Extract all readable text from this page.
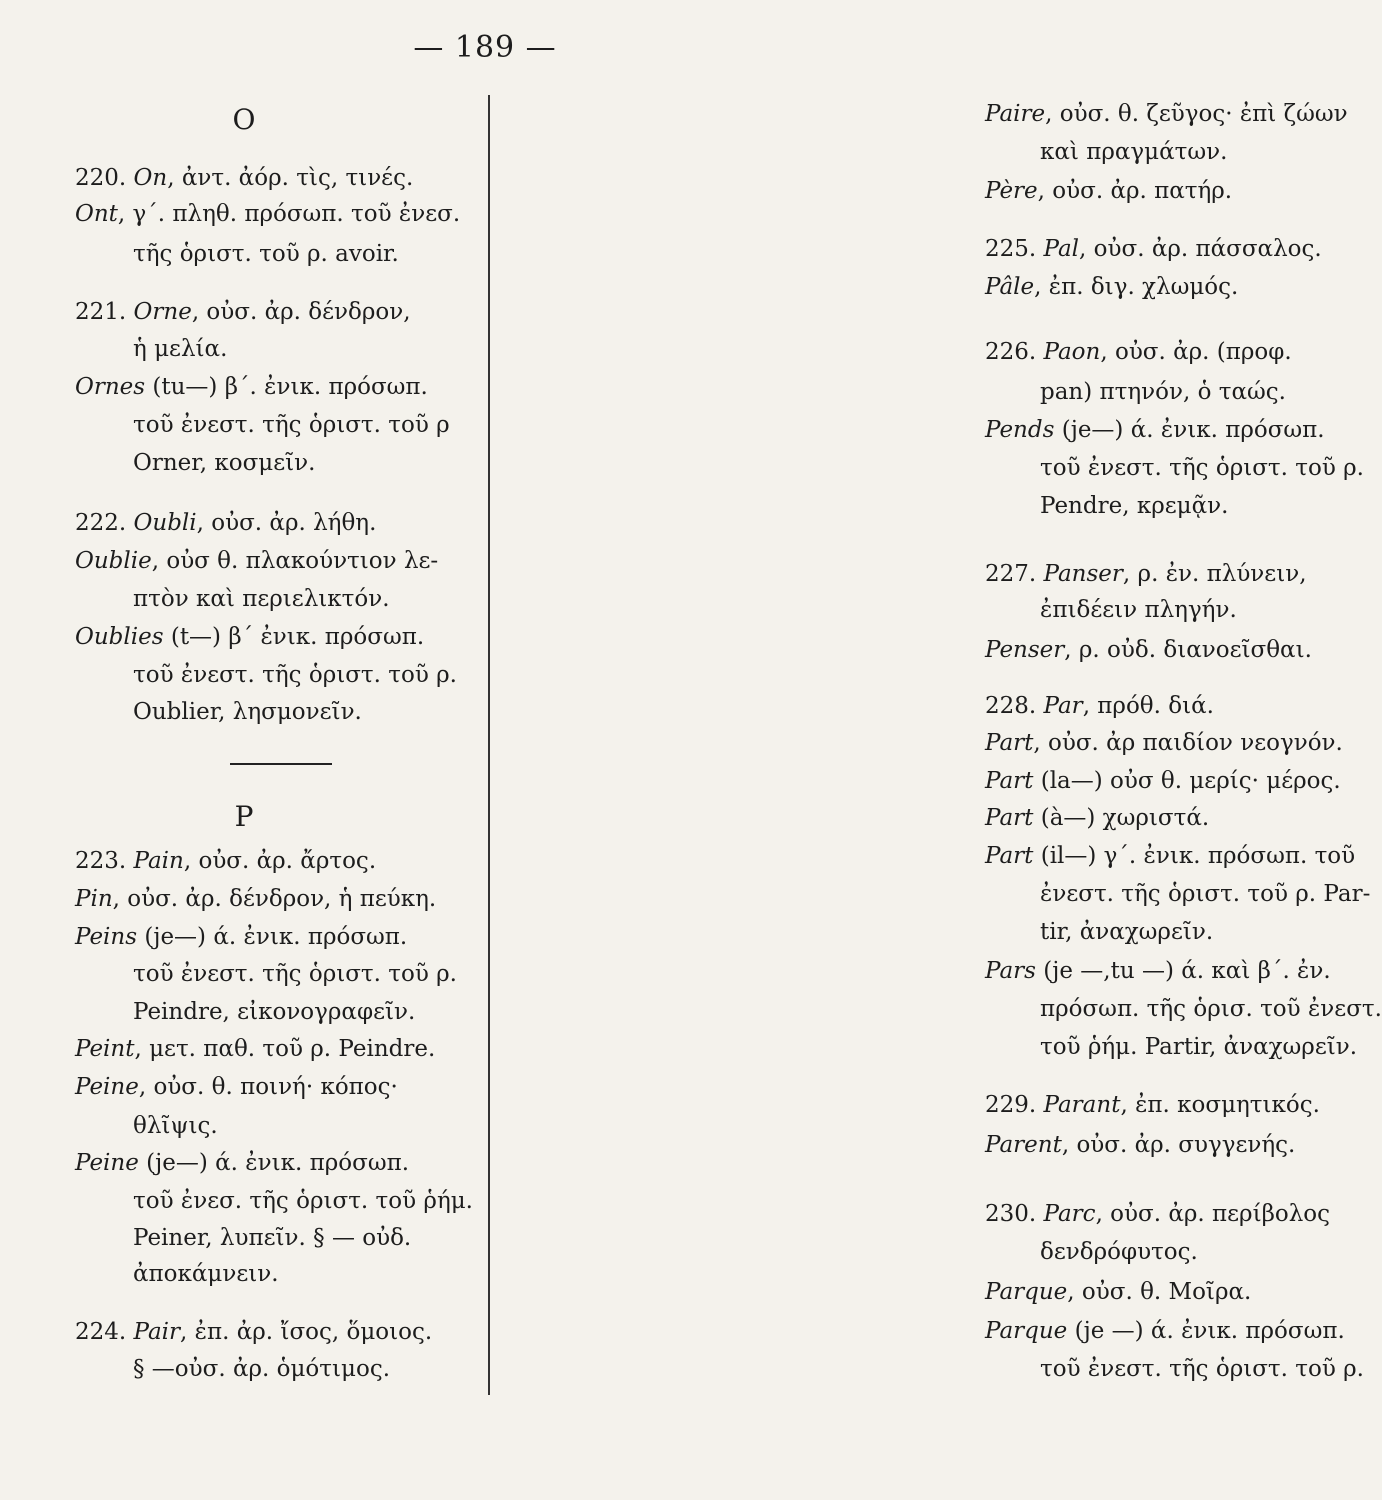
— 189 —
O
P
220. On, ἀντ. ἀόρ. τὶς, τινές.
Ont, γ΄. πληθ. πρόσωπ. τοῦ ἐνεσ.
τῆς ὁριστ. τοῦ ρ. avoir.
221. Orne, οὐσ. ἀρ. δένδρον,
ἡ μελία.
Ornes (tu—) β΄. ἐνικ. πρόσωπ.
τοῦ ἐνεστ. τῆς ὁριστ. τοῦ ρ
Orner, κοσμεῖν.
222. Oubli, οὐσ. ἀρ. λήθη.
Oublie, οὐσ θ. πλακούντιον λε-
πτὸν καὶ περιελικτόν.
Oublies (t—) β΄ ἐνικ. πρόσωπ.
τοῦ ἐνεστ. τῆς ὁριστ. τοῦ ρ.
Oublier, λησμονεῖν.
223. Pain, οὐσ. ἀρ. ἄρτος.
Pin, οὐσ. ἀρ. δένδρον, ἡ πεύκη.
Peins (je—) ά. ἐνικ. πρόσωπ.
τοῦ ἐνεστ. τῆς ὁριστ. τοῦ ρ.
Peindre, εἰκονογραφεῖν.
Peint, μετ. παθ. τοῦ ρ. Peindre.
Peine, οὐσ. θ. ποινή· κόπος·
θλῖψις.
Peine (je—) ά. ἐνικ. πρόσωπ.
τοῦ ἐνεσ. τῆς ὁριστ. τοῦ ῥήμ.
Peiner, λυπεῖν. § — οὐδ.
ἀποκάμνειν.
224. Pair, ἐπ. ἀρ. ἴσος, ὅμοιος.
§ —οὐσ. ἀρ. ὁμότιμος.
Paire, οὐσ. θ. ζεῦγος· ἐπὶ ζώων
καὶ πραγμάτων.
Père, οὐσ. ἀρ. πατήρ.
225. Pal, οὐσ. ἀρ. πάσσαλος.
Pâle, ἐπ. διγ. χλωμός.
226. Paon, οὐσ. ἀρ. (προφ.
pan) πτηνόν, ὁ ταώς.
Pends (je—) ά. ἐνικ. πρόσωπ.
τοῦ ἐνεστ. τῆς ὁριστ. τοῦ ρ.
Pendre, κρεμᾷν.
227. Panser, ρ. ἐν. πλύνειν,
ἐπιδέειν πληγήν.
Penser, ρ. οὐδ. διανοεῖσθαι.
228. Par, πρόθ. διά.
Part, οὐσ. ἀρ παιδίον νεογνόν.
Part (la—) οὐσ θ. μερίς· μέρος.
Part (à—) χωριστά.
Part (il—) γ΄. ἐνικ. πρόσωπ. τοῦ
ἐνεστ. τῆς ὁριστ. τοῦ ρ. Par-
tir, ἀναχωρεῖν.
Pars (je —,tu —) ά. καὶ β΄. ἐν.
πρόσωπ. τῆς ὁρισ. τοῦ ἐνεστ.
τοῦ ῥήμ. Partir, ἀναχωρεῖν.
229. Parant, ἐπ. κοσμητικός.
Parent, οὐσ. ἀρ. συγγενής.
230. Parc, οὐσ. ἀρ. περίβολος
δενδρόφυτος.
Parque, οὐσ. θ. Μοῖρα.
Parque (je —) ά. ἐνικ. πρόσωπ.
τοῦ ἐνεστ. τῆς ὁριστ. τοῦ ρ.
